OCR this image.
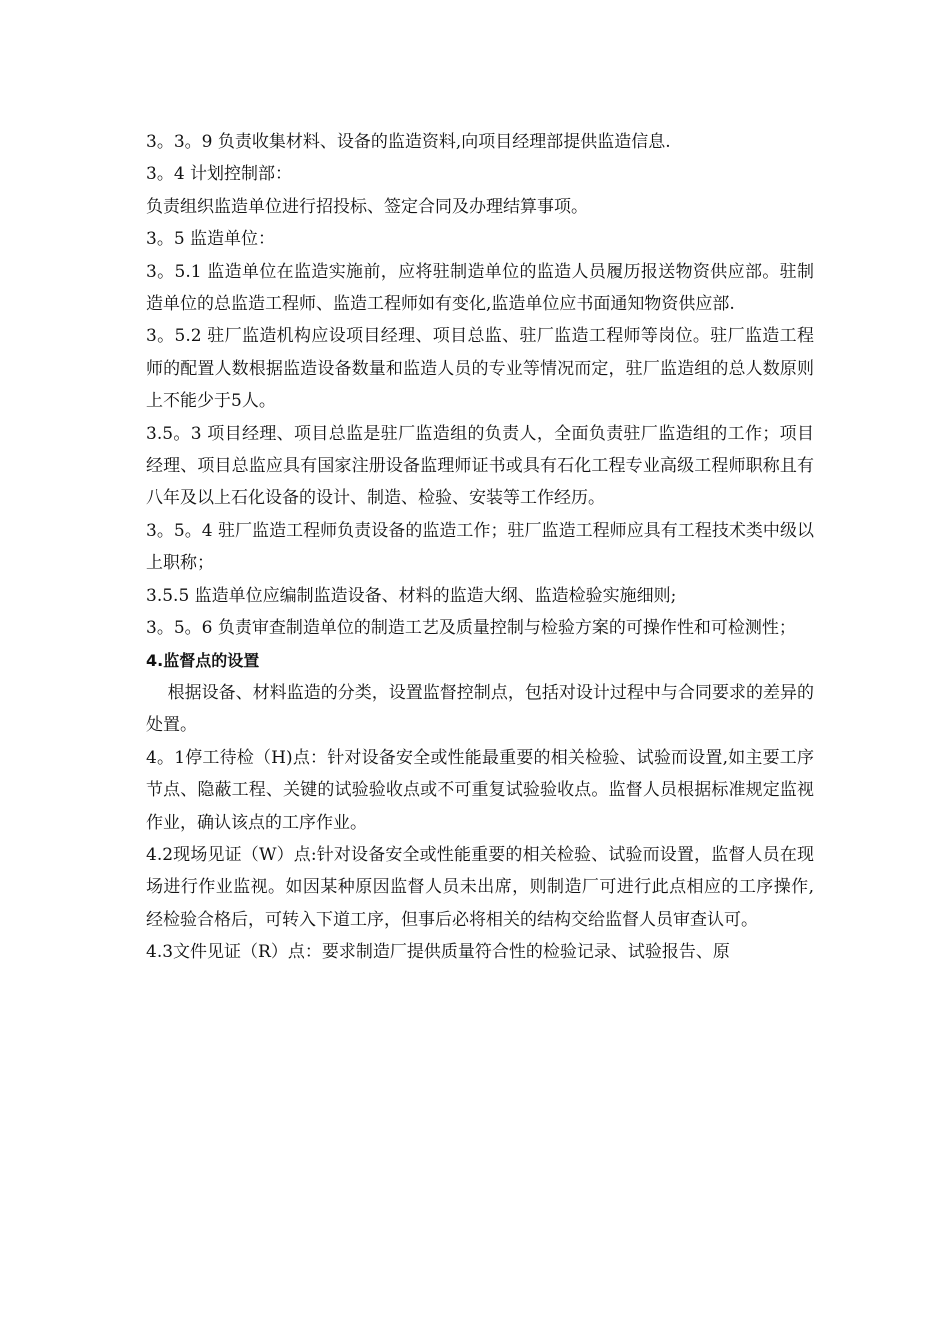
3。3。9 负责收集材料、设备的监造资料,向项目经理部提供监造信息.

3。4 计划控制部：

负责组织监造单位进行招投标、签定合同及办理结算事项。

3。5 监造单位：

3。5.1 监造单位在监造实施前，应将驻制造单位的监造人员履历报送物资供应部。驻制造单位的总监造工程师、监造工程师如有变化,监造单位应书面通知物资供应部.

3。5.2 驻厂监造机构应设项目经理、项目总监、驻厂监造工程师等岗位。驻厂监造工程师的配置人数根据监造设备数量和监造人员的专业等情况而定，驻厂监造组的总人数原则上不能少于5人。

3.5。3 项目经理、项目总监是驻厂监造组的负责人，全面负责驻厂监造组的工作；项目经理、项目总监应具有国家注册设备监理师证书或具有石化工程专业高级工程师职称且有八年及以上石化设备的设计、制造、检验、安装等工作经历。

3。5。4 驻厂监造工程师负责设备的监造工作；驻厂监造工程师应具有工程技术类中级以上职称；

3.5.5 监造单位应编制监造设备、材料的监造大纲、监造检验实施细则;

3。5。6 负责审查制造单位的制造工艺及质量控制与检验方案的可操作性和可检测性；

4.监督点的设置

根据设备、材料监造的分类，设置监督控制点，包括对设计过程中与合同要求的差异的处置。

4。1停工待检（H)点：针对设备安全或性能最重要的相关检验、试验而设置,如主要工序节点、隐蔽工程、关键的试验验收点或不可重复试验验收点。监督人员根据标准规定监视作业，确认该点的工序作业。

4.2现场见证（W）点:针对设备安全或性能重要的相关检验、试验而设置，监督人员在现场进行作业监视。如因某种原因监督人员未出席，则制造厂可进行此点相应的工序操作,经检验合格后，可转入下道工序，但事后必将相关的结构交给监督人员审查认可。

4.3文件见证（R）点：要求制造厂提供质量符合性的检验记录、试验报告、原
